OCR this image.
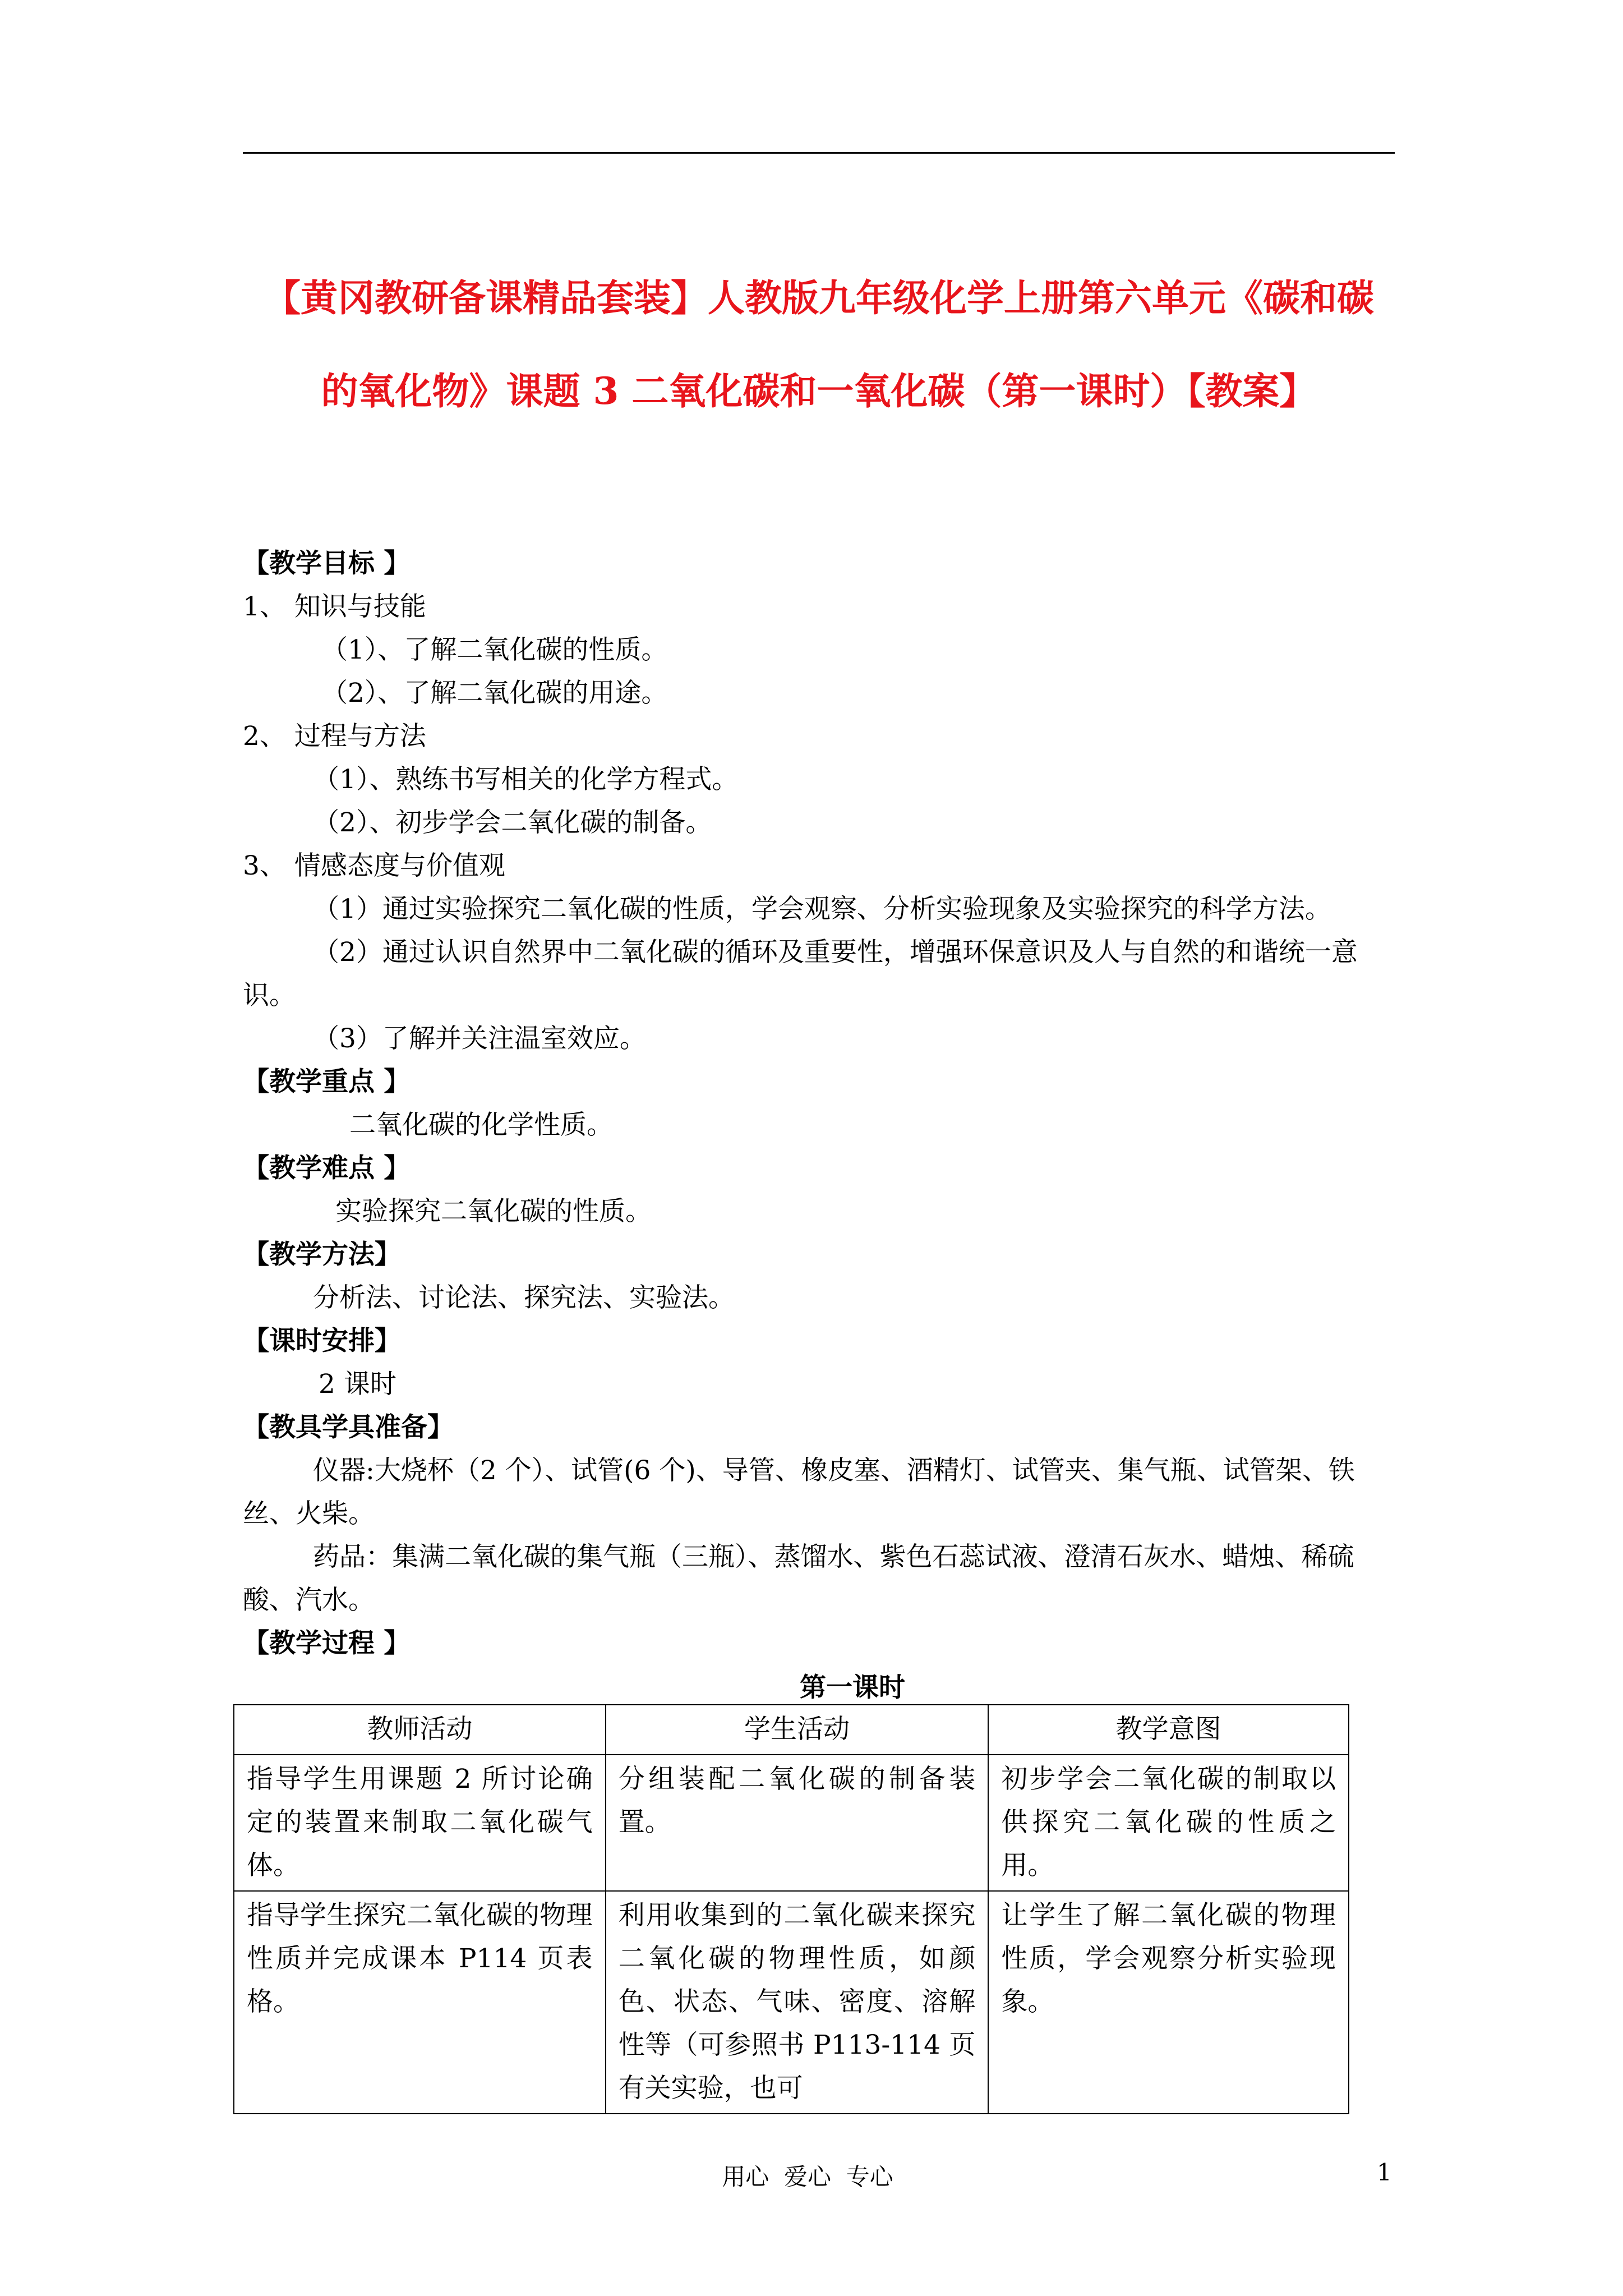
【黄冈教研备课精品套装】人教版九年级化学上册第六单元《碳和碳
的氧化物》课题 3 二氧化碳和一氧化碳（第一课时）【教案】

【教学目标 】

1、 知识与技能

（1）、了解二氧化碳的性质。

（2）、了解二氧化碳的用途。

2、 过程与方法

（1）、熟练书写相关的化学方程式。

（2）、初步学会二氧化碳的制备。

3、 情感态度与价值观

（1）通过实验探究二氧化碳的性质，学会观察、分析实验现象及实验探究的科学方法。

（2）通过认识自然界中二氧化碳的循环及重要性，增强环保意识及人与自然的和谐统一意识。

（3）了解并关注温室效应。

【教学重点 】

二氧化碳的化学性质。

【教学难点 】

实验探究二氧化碳的性质。

【教学方法】

分析法、讨论法、探究法、实验法。

【课时安排】

2 课时

【教具学具准备】

仪器:大烧杯（2 个）、试管(6 个)、导管、橡皮塞、酒精灯、试管夹、集气瓶、试管架、铁丝、火柴。

药品：集满二氧化碳的集气瓶（三瓶）、蒸馏水、紫色石蕊试液、澄清石灰水、蜡烛、稀硫酸、汽水。

【教学过程 】

第一课时

教师活动	学生活动	教学意图
指导学生用课题 2 所讨论确定的装置来制取二氧化碳气体。	分组装配二氧化碳的制备装置。	初步学会二氧化碳的制取以供探究二氧化碳的性质之用。
指导学生探究二氧化碳的物理性质并完成课本 P114 页表格。	利用收集到的二氧化碳来探究二氧化碳的物理性质，如颜色、状态、气味、密度、溶解性等（可参照书 P113-114 页有关实验，也可	让学生了解二氧化碳的物理性质，学会观察分析实验现象。
用心  爱心  专心	1
